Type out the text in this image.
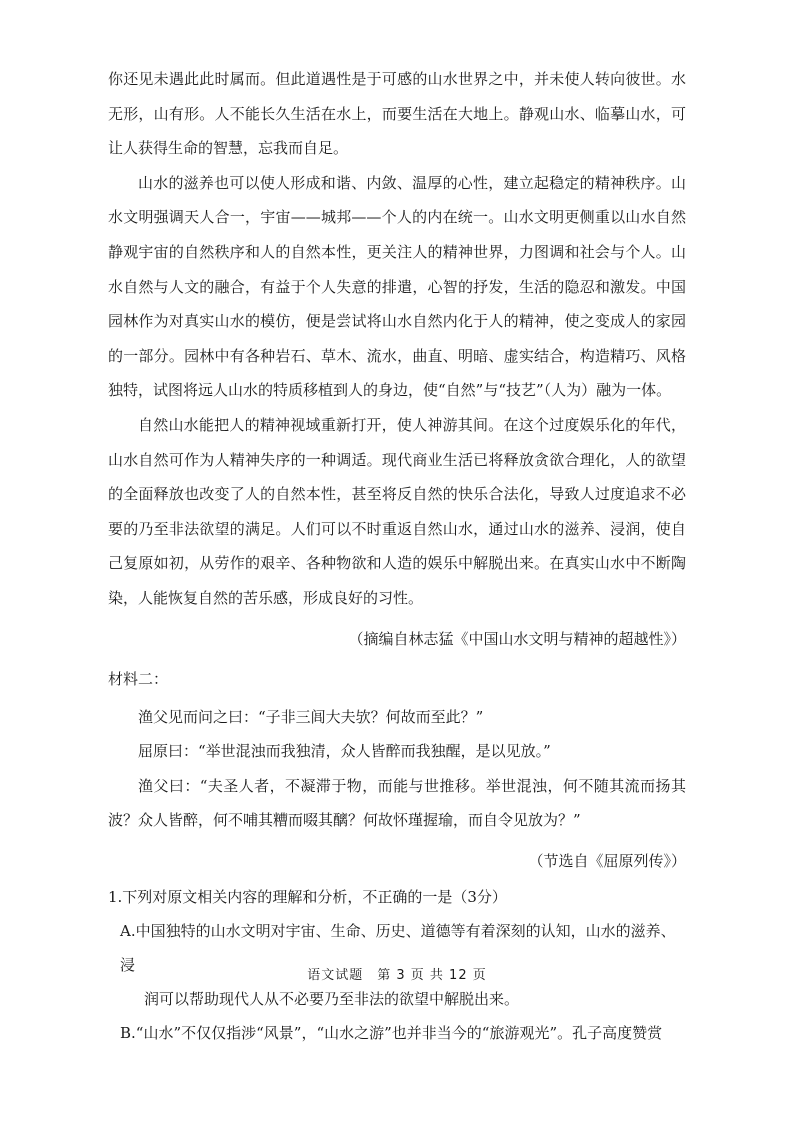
你还见未遇此此时属而。但此道遇性是于可感的山水世界之中，并未使人转向彼世。水无形，山有形。人不能长久生活在水上，而要生活在大地上。静观山水、临摹山水，可让人获得生命的智慧，忘我而自足。

山水的滋养也可以使人形成和谐、内敛、温厚的心性，建立起稳定的精神秩序。山水文明强调天人合一，宇宙——城邦——个人的内在统一。山水文明更侧重以山水自然静观宇宙的自然秩序和人的自然本性，更关注人的精神世界，力图调和社会与个人。山水自然与人文的融合，有益于个人失意的排遣，心智的抒发，生活的隐忍和激发。中国园林作为对真实山水的模仿，便是尝试将山水自然内化于人的精神，使之变成人的家园的一部分。园林中有各种岩石、草木、流水，曲直、明暗、虚实结合，构造精巧、风格独特，试图将远人山水的特质移植到人的身边，使“自然”与“技艺”（人为）融为一体。

自然山水能把人的精神视域重新打开，使人神游其间。在这个过度娱乐化的年代，山水自然可作为人精神失序的一种调适。现代商业生活已将释放贪欲合理化，人的欲望的全面释放也改变了人的自然本性，甚至将反自然的快乐合法化，导致人过度追求不必要的乃至非法欲望的满足。人们可以不时重返自然山水，通过山水的滋养、浸润，使自己复原如初，从劳作的艰辛、各种物欲和人造的娱乐中解脱出来。在真实山水中不断陶染，人能恢复自然的苦乐感，形成良好的习性。

（摘编自林志猛《中国山水文明与精神的超越性》）
材料二：

渔父见而问之曰：“子非三闾大夫欤？何故而至此？”

屈原曰：“举世混浊而我独清，众人皆醉而我独醒，是以见放。”

渔父曰：“夫圣人者，不凝滞于物，而能与世推移。举世混浊，何不随其流而扬其波？众人皆醉，何不哺其糟而啜其醨？何故怀瑾握瑜，而自令见放为？”

（节选自《屈原列传》）

1.下列对原文相关内容的理解和分析，不正确的一是（3分）

A.中国独特的山水文明对宇宙、生命、历史、道德等有着深刻的认知，山水的滋养、浸

润可以帮助现代人从不必要乃至非法的欲望中解脱出来。

B.“山水”不仅仅指涉“风景”，“山水之游”也并非当今的“旅游观光”。孔子高度赞赏

语文试题　第 3 页 共 12 页
